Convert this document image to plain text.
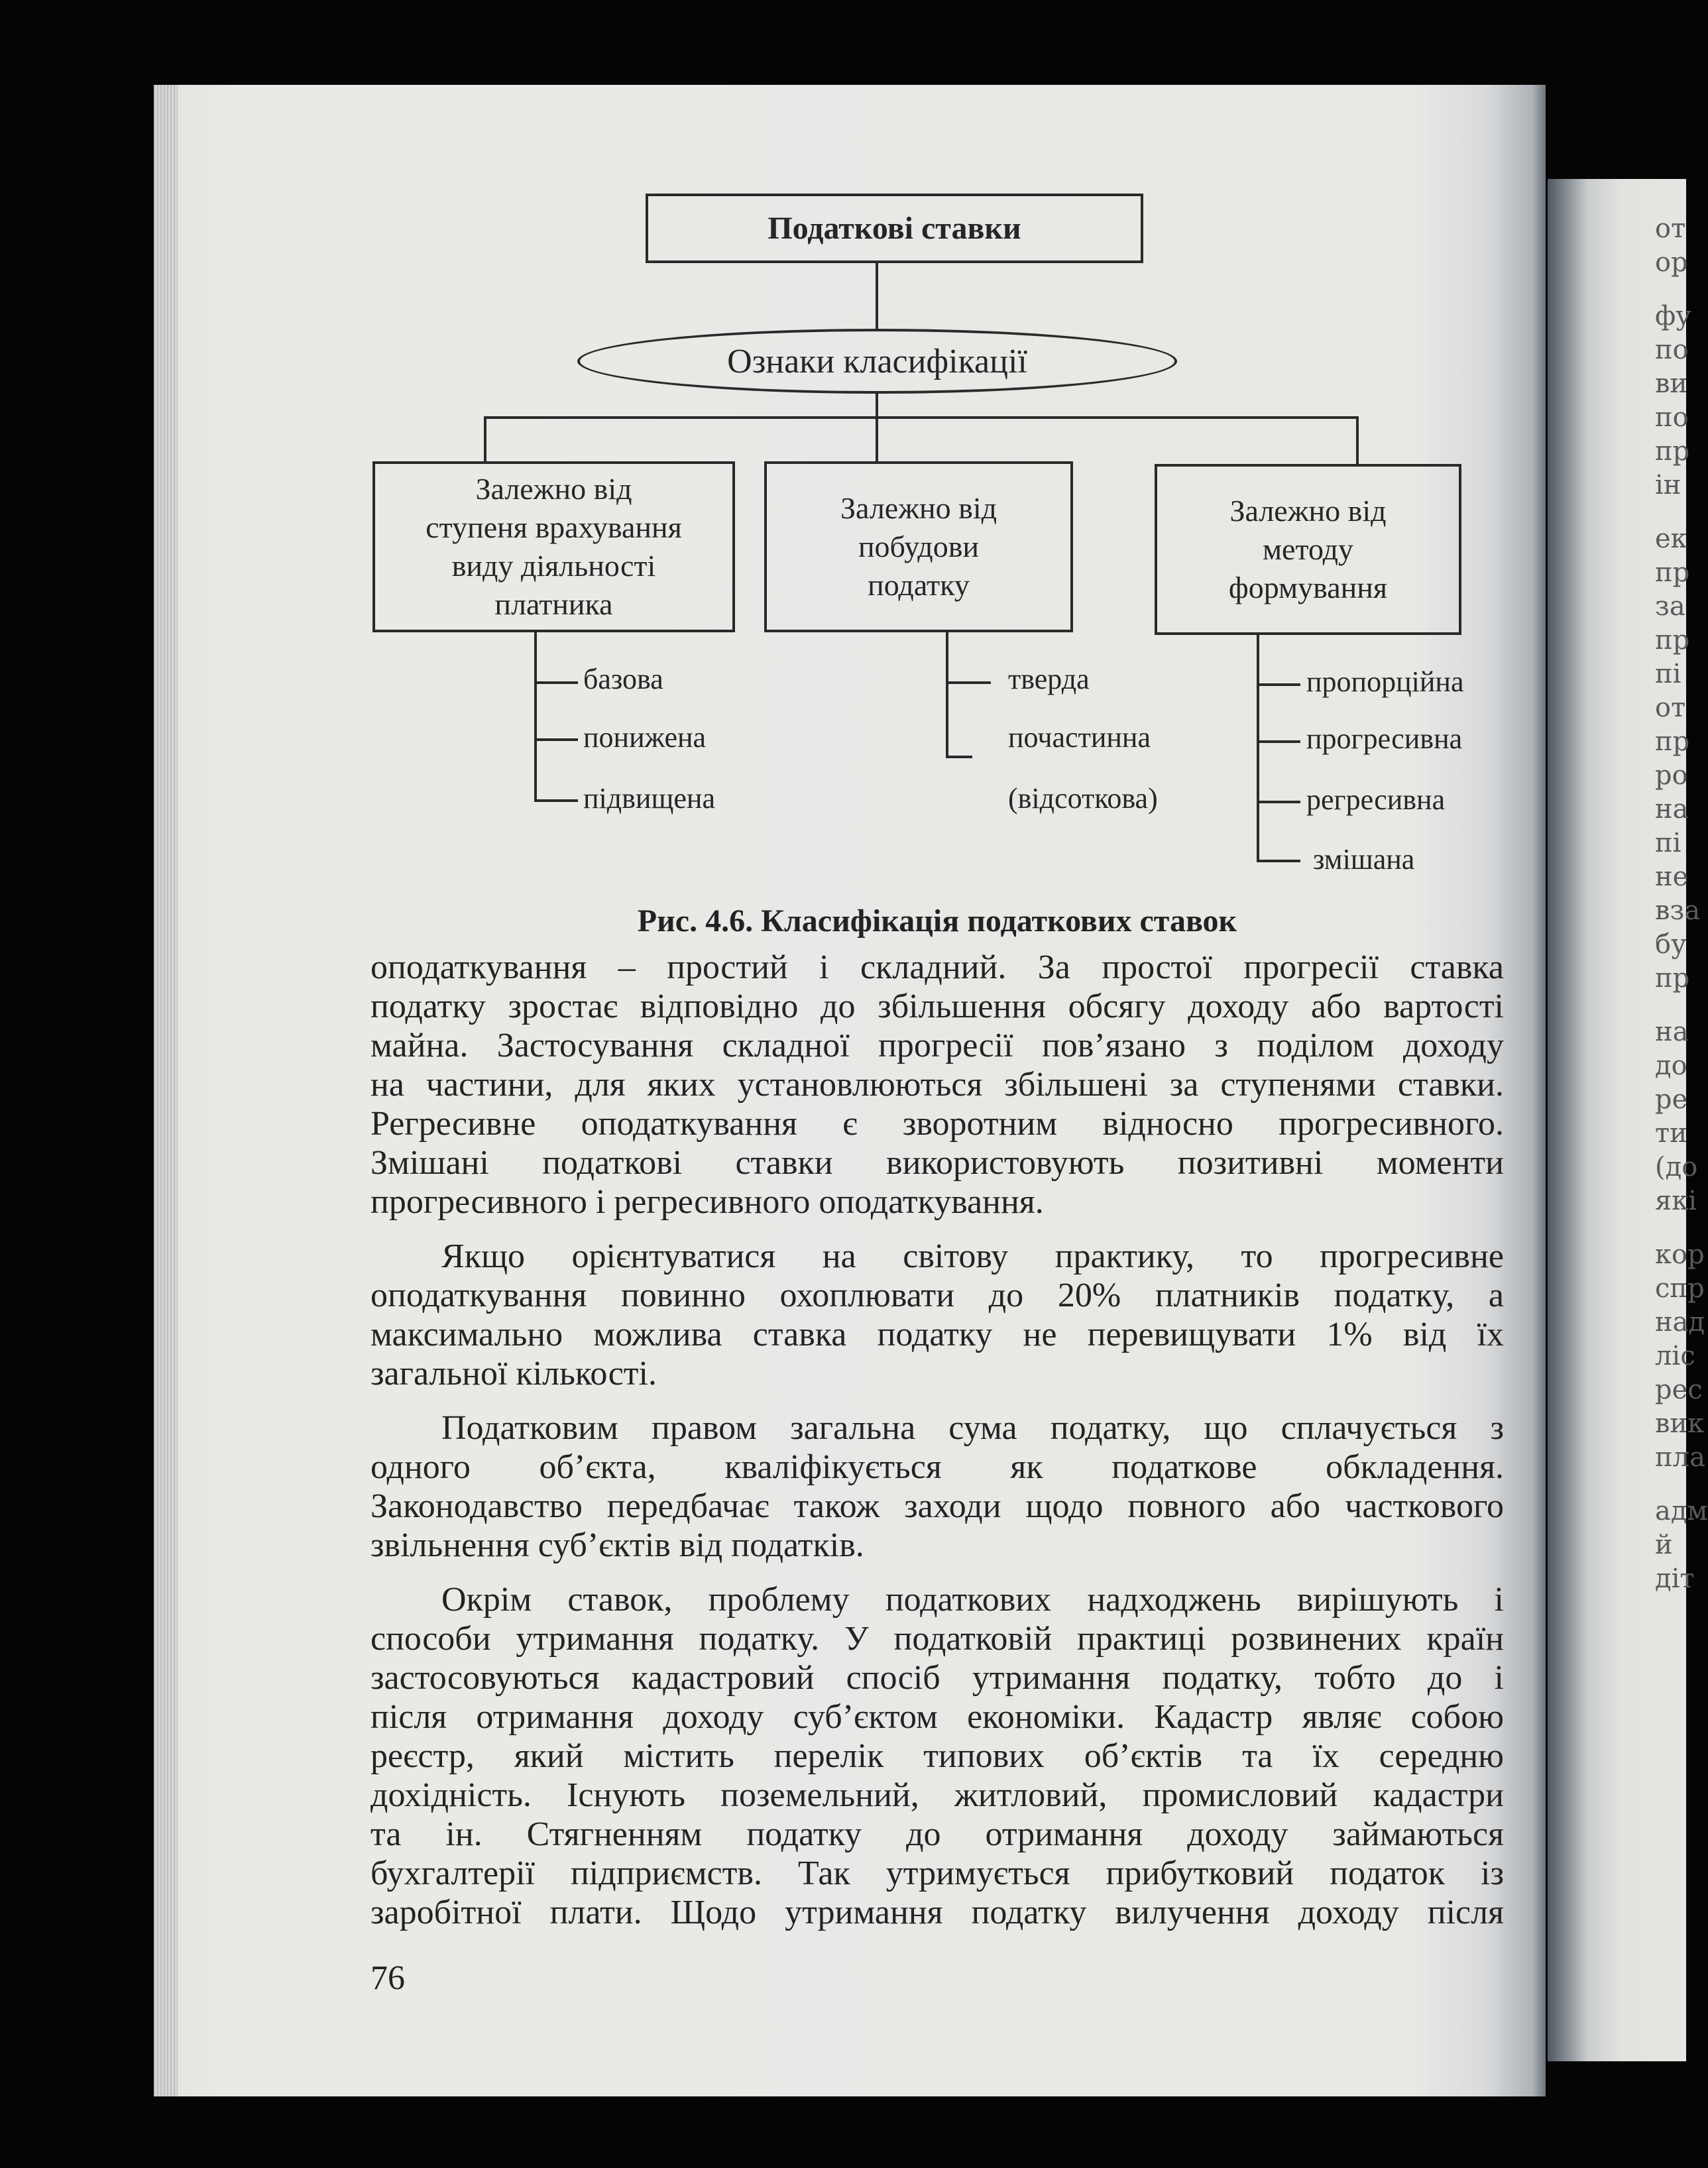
Податкові ставки
Ознаки класифікації
Залежно від
ступеня врахування
виду діяльності
платника
Залежно від
побудови
податку
Залежно від
методу
формування
базова
понижена
підвищена
тверда
почастинна
(відсоткова)
пропорційна
прогресивна
регресивна
змішана
Рис. 4.6. Класифікація податкових ставок
оподаткування – простий і складний. За простої прогресії ставка
податку зростає відповідно до збільшення обсягу доходу або вартості
майна. Застосування складної прогресії пов’язано з поділом доходу
на частини, для яких установлюються збільшені за ступенями ставки.
Регресивне оподаткування є зворотним відносно прогресивного.
Змішані податкові ставки використовують позитивні моменти
прогресивного і регресивного оподаткування.
Якщо орієнтуватися на світову практику, то прогресивне
оподаткування повинно охоплювати до 20% платників податку, а
максимально можлива ставка податку не перевищувати 1% від їх
загальної кількості.
Податковим правом загальна сума податку, що сплачується з
одного об’єкта, кваліфікується як податкове обкладення.
Законодавство передбачає також заходи щодо повного або часткового
звільнення суб’єктів від податків.
Окрім ставок, проблему податкових надходжень вирішують і
способи утримання податку. У податковій практиці розвинених країн
застосовуються кадастровий спосіб утримання податку, тобто до і
після отримання доходу суб’єктом економіки. Кадастр являє собою
реєстр, який містить перелік типових об’єктів та їх середню
дохідність. Існують поземельний, житловий, промисловий кадастри
та ін. Стягненням податку до отримання доходу займаються
бухгалтерії підприємств. Так утримується прибутковий податок із
заробітної плати. Щодо утримання податку вилучення доходу після
76
от
ор
фу
по
ви
по
пр
ін
ек
пр
за
пр
пі
от
пр
ро
на
пі
не
вза
бу
пр
на
до
ре
ти
(до
які
кор
спр
над
ліс
рес
вик
пла
адм
й
діт
